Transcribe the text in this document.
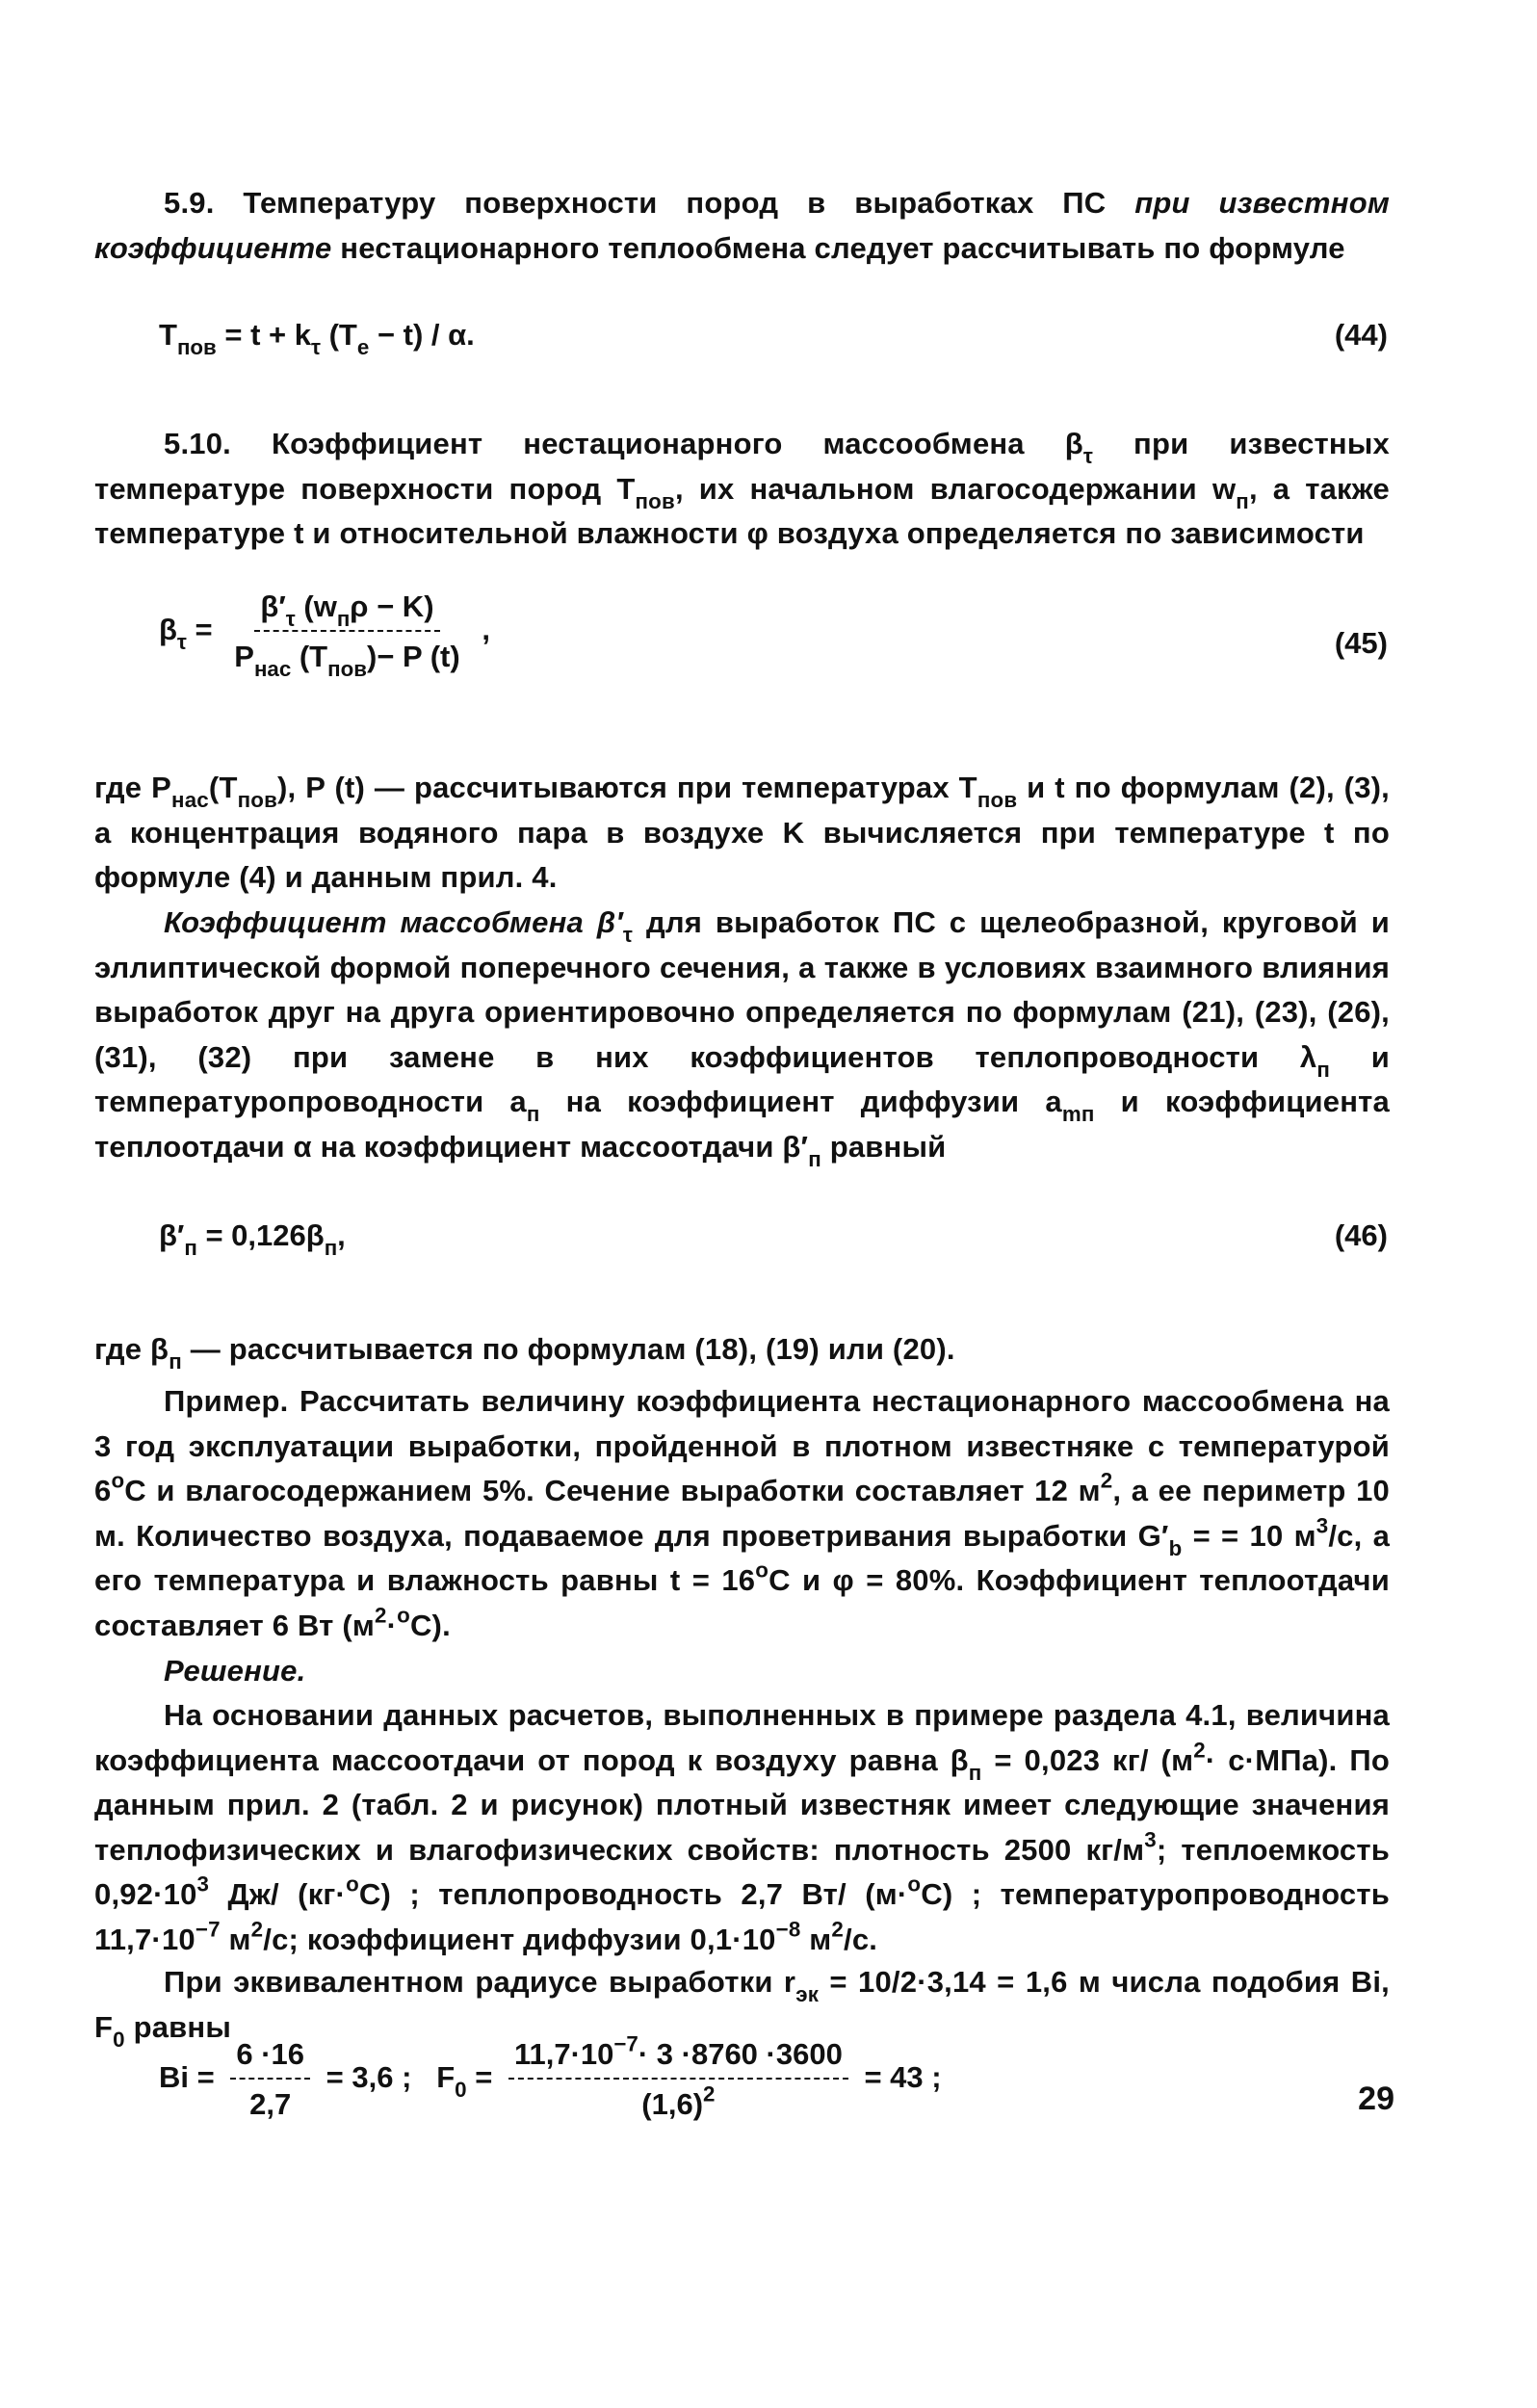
5.9. Температуру поверхности пород в выработках ПС при известном коэффициенте нестационарного теплообмена следует рассчитывать по формуле
$T_{пов} = t + k_\tau$ $(T_e - t) / \alpha$.	(44)
5.10. Коэффициент нестационарного массообмена $\beta_\tau$ при известных температуре поверхности пород $Т_{пов}$, их начальном влагосодержании $w_п$, а также температуре t и относительной влажности φ воздуха определяется по зависимости
$\beta_\tau = \frac{\beta'_\tau (w_п\rho - K)}{P_{нас} (T_{пов})- P (t)}$ ,	(45)
где $P_{нас}(T_{пов})$, P (t) — рассчитываются при температурах $T_{пов}$ и t по формулам (2), (3), а концентрация водяного пара в воздухе K вычисляется при температуре t по формуле (4) и данным прил. 4.
Коэффициент массобмена $\beta'_\tau$ для выработок ПС с щелеобразной, круговой и эллиптической формой поперечного сечения, а также в условиях взаимного влияния выработок друг на друга ориентировочно определяется по формулам (21), (23), (26), (31), (32) при замене в них коэффициентов теплопроводности $\lambda_п$ и температуропроводности $a_п$ на коэффициент диффузии $a_{mп}$ и коэффициента теплоотдачи α на коэффициент массоотдачи $\beta'_п$ равный
$\beta'_п = 0,126\beta_п$,	(46)
где $\beta_п$ — рассчитывается по формулам (18), (19) или (20).
Пример. Рассчитать величину коэффициента нестационарного массообмена на 3 год эксплуатации выработки, пройденной в плотном известняке с температурой $6^оС$ и влагосодержанием 5%. Сечение выработки составляет 12 $м^2$, а ее периметр 10 м. Количество воздуха, подаваемое для проветривания выработки $G'_b$ = = 10 $м^3/с$, а его температура и влажность равны $t = 16^оС$ и φ = 80%. Коэффициент теплоотдачи составляет 6 Вт $(м^2\cdot^оС)$.
Решение.
На основании данных расчетов, выполненных в примере раздела 4.1, величина коэффициента массоотдачи от пород к воздуху равна $\beta_п = 0,023$ кг/ $(м^2\cdot с\cdot МПа)$. По данным прил. 2 (табл. 2 и рисунок) плотный известняк имеет следующие значения теплофизических и влагофизических свойств: плотность 2500 $кг/м^3$; теплоемкость $0,92\cdot 10^3$ Дж/ (кг·$^о$С) ; теплопроводность 2,7 Вт/ (м·$^о$С) ; температуропроводность $11,7\cdot 10^{-7}$ $м^2/с$; коэффициент диффузии $0,1\cdot 10^{-8}$ $м^2/с$.
При эквивалентном радиусе выработки $r_{эк} = 10/2\cdot 3,14 = 1,6$ м числа подобия Bi, $F_0$ равны
$Bi = \frac{6 \cdot 16}{2,7} = 3,6$ ; $F_0 = \frac{11,7\cdot 10^{-7}\cdot 3 \cdot 8760 \cdot 3600}{(1,6)^2} = 43$ ;
29
